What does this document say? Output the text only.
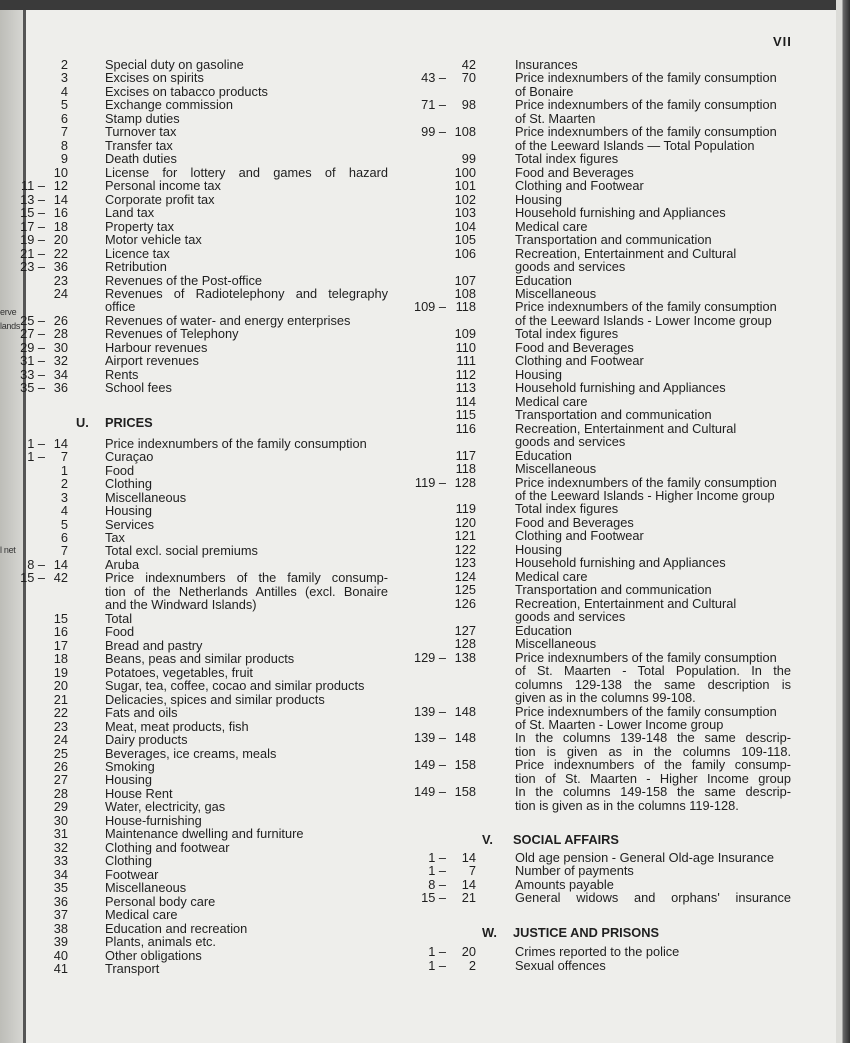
erve
lands
l net
VII
2	Special duty on gasoline
3	Excises on spirits
4	Excises on tabacco products
5	Exchange commission
6	Stamp duties
7	Turnover tax
8	Transfer tax
9	Death duties
10	License for lottery and games of hazard
11 –	12	Personal income tax
13 –	14	Corporate profit tax
15 –	16	Land tax
17 –	18	Property tax
19 –	20	Motor vehicle tax
21 –	22	Licence tax
23 –	36	Retribution
23	Revenues of the Post-office
24	Revenues of Radiotelephony and telegraphy
office
25 –	26	Revenues of water- and energy enterprises
27 –	28	Revenues of Telephony
29 –	30	Harbour revenues
31 –	32	Airport revenues
33 –	34	Rents
35 –	36	School fees
U. PRICES
1 –	14	Price indexnumbers of the family consumption
1 –	7	Curaçao
1	Food
2	Clothing
3	Miscellaneous
4	Housing
5	Services
6	Tax
7	Total excl. social premiums
8 –	14	Aruba
15 –	42	Price indexnumbers of the family consump-
tion of the Netherlands Antilles (excl. Bonaire
and the Windward Islands)
15	Total
16	Food
17	Bread and pastry
18	Beans, peas and similar products
19	Potatoes, vegetables, fruit
20	Sugar, tea, coffee, cocao and similar products
21	Delicacies, spices and similar products
22	Fats and oils
23	Meat, meat products, fish
24	Dairy products
25	Beverages, ice creams, meals
26	Smoking
27	Housing
28	House Rent
29	Water, electricity, gas
30	House-furnishing
31	Maintenance dwelling and furniture
32	Clothing and footwear
33	Clothing
34	Footwear
35	Miscellaneous
36	Personal body care
37	Medical care
38	Education and recreation
39	Plants, animals etc.
40	Other obligations
41	Transport
42	Insurances
43 –	70	Price indexnumbers of the family consumption
of Bonaire
71 –	98	Price indexnumbers of the family consumption
of St. Maarten
99 –	108	Price indexnumbers of the family consumption
of the Leeward Islands — Total Population
99	Total index figures
100	Food and Beverages
101	Clothing and Footwear
102	Housing
103	Household furnishing and Appliances
104	Medical care
105	Transportation and communication
106	Recreation, Entertainment and Cultural
goods and services
107	Education
108	Miscellaneous
109 –	118	Price indexnumbers of the family consumption
of the Leeward Islands - Lower Income group
109	Total index figures
110	Food and Beverages
111	Clothing and Footwear
112	Housing
113	Household furnishing and Appliances
114	Medical care
115	Transportation and communication
116	Recreation, Entertainment and Cultural
goods and services
117	Education
118	Miscellaneous
119 –	128	Price indexnumbers of the family consumption
of the Leeward Islands - Higher Income group
119	Total index figures
120	Food and Beverages
121	Clothing and Footwear
122	Housing
123	Household furnishing and Appliances
124	Medical care
125	Transportation and communication
126	Recreation, Entertainment and Cultural
goods and services
127	Education
128	Miscellaneous
129 –	138	Price indexnumbers of the family consumption
of St. Maarten - Total Population. In the
columns 129-138 the same description is
given as in the columns 99-108.
139 –	148	Price indexnumbers of the family consumption
of St. Maarten - Lower Income group
139 –	148	In the columns 139-148 the same descrip-
tion is given as in the columns 109-118.
149 –	158	Price indexnumbers of the family consump-
tion of St. Maarten - Higher Income group
149 –	158	In the columns 149-158 the same descrip-
tion is given as in the columns 119-128.
V. SOCIAL AFFAIRS
1 –	14	Old age pension - General Old-age Insurance
1 –	7	Number of payments
8 –	14	Amounts payable
15 –	21	General widows and orphans' insurance
W. JUSTICE AND PRISONS
1 –	20	Crimes reported to the police
1 –	2	Sexual offences
